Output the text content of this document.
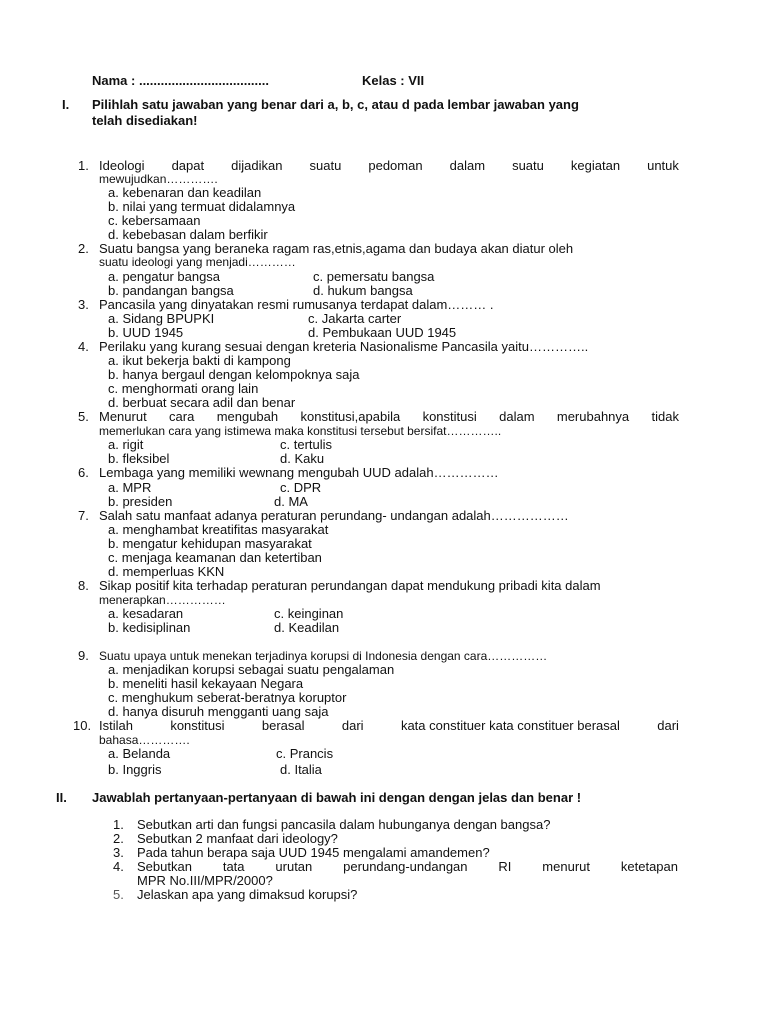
Nama : ....................................	Kelas : VII
I. Pilihlah satu jawaban yang benar dari a, b, c, atau d pada lembar jawaban yang
telah disediakan!
1. Ideologi dapat dijadikan suatu pedoman dalam suatu kegiatan untuk
mewujudkan………….
a. kebenaran dan keadilan
b. nilai yang termuat didalamnya
c. kebersamaan
d. kebebasan dalam berfikir
2. Suatu bangsa yang beraneka ragam ras,etnis,agama dan budaya akan diatur oleh
suatu ideologi yang menjadi…………
a. pengatur bangsa	c. pemersatu bangsa
b. pandangan bangsa	d. hukum bangsa
3. Pancasila yang dinyatakan resmi rumusanya terdapat dalam……… .
a. Sidang BPUPKI	c. Jakarta carter
b. UUD 1945	d. Pembukaan UUD 1945
4. Perilaku yang kurang sesuai dengan kreteria Nasionalisme Pancasila yaitu…………..
a. ikut bekerja bakti di kampong
b. hanya bergaul dengan kelompoknya saja
c. menghormati orang lain
d. berbuat secara adil dan benar
5. Menurut cara mengubah konstitusi,apabila konstitusi dalam merubahnya tidak
memerlukan cara yang istimewa maka konstitusi tersebut bersifat…………..
a. rigit	c. tertulis
b. fleksibel	d. Kaku
6. Lembaga yang memiliki wewnang mengubah UUD adalah……………
a. MPR	c. DPR
b. presiden	d. MA
7. Salah satu manfaat adanya peraturan perundang- undangan adalah………………
a. menghambat kreatifitas masyarakat
b. mengatur kehidupan masyarakat
c. menjaga keamanan dan ketertiban
d. memperluas KKN
8. Sikap positif kita terhadap peraturan perundangan dapat mendukung pribadi kita dalam
menerapkan……………
a. kesadaran	c. keinginan
b. kedisiplinan	d. Keadilan
9. Suatu upaya untuk menekan terjadinya korupsi di Indonesia dengan cara……………
a. menjadikan korupsi sebagai suatu pengalaman
b. meneliti hasil kekayaan Negara
c. menghukum seberat-beratnya koruptor
d. hanya disuruh mengganti uang saja
10. Istilah	konstitusi	berasal	dari	kata constituer kata constituer berasal	dari
bahasa………….
a. Belanda	c. Prancis
b. Inggris	d. Italia
II. Jawablah pertanyaan-pertanyaan di bawah ini dengan dengan jelas dan benar !
1. Sebutkan arti dan fungsi pancasila dalam hubunganya dengan bangsa?
2. Sebutkan 2 manfaat dari ideology?
3. Pada tahun berapa saja UUD 1945 mengalami amandemen?
4. Sebutkan tata urutan perundang-undangan RI menurut ketetapan
MPR No.III/MPR/2000?
5. Jelaskan apa yang dimaksud korupsi?
